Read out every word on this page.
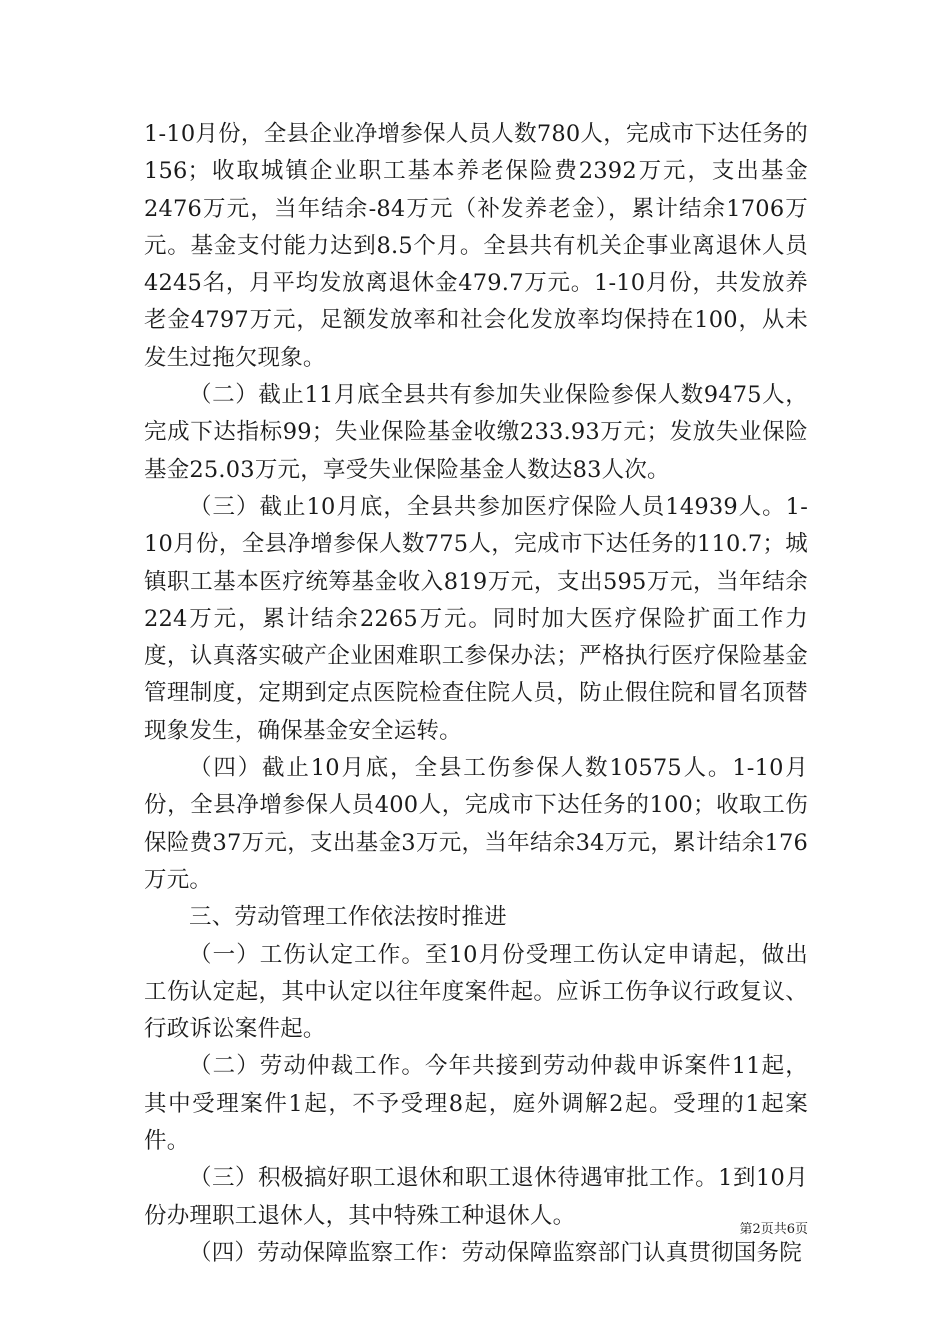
1-10月份，全县企业净增参保人员人数780人，完成市下达任务的156；收取城镇企业职工基本养老保险费2392万元，支出基金2476万元，当年结余-84万元（补发养老金），累计结余1706万元。基金支付能力达到8.5个月。全县共有机关企事业离退休人员4245名，月平均发放离退休金479.7万元。1-10月份，共发放养老金4797万元，足额发放率和社会化发放率均保持在100，从未发生过拖欠现象。

（二）截止11月底全县共有参加失业保险参保人数9475人，完成下达指标99；失业保险基金收缴233.93万元；发放失业保险基金25.03万元，享受失业保险基金人数达83人次。

（三）截止10月底，全县共参加医疗保险人员14939人。1-10月份，全县净增参保人数775人，完成市下达任务的110.7；城镇职工基本医疗统筹基金收入819万元，支出595万元，当年结余224万元，累计结余2265万元。同时加大医疗保险扩面工作力度，认真落实破产企业困难职工参保办法；严格执行医疗保险基金管理制度，定期到定点医院检查住院人员，防止假住院和冒名顶替现象发生，确保基金安全运转。

（四）截止10月底，全县工伤参保人数10575人。1-10月份，全县净增参保人员400人，完成市下达任务的100；收取工伤保险费37万元，支出基金3万元，当年结余34万元，累计结余176万元。

三、劳动管理工作依法按时推进

（一）工伤认定工作。至10月份受理工伤认定申请起，做出工伤认定起，其中认定以往年度案件起。应诉工伤争议行政复议、行政诉讼案件起。

（二）劳动仲裁工作。今年共接到劳动仲裁申诉案件11起，其中受理案件1起，不予受理8起，庭外调解2起。受理的1起案件。

（三）积极搞好职工退休和职工退休待遇审批工作。1到10月份办理职工退休人，其中特殊工种退休人。

（四）劳动保障监察工作：劳动保障监察部门认真贯彻国务院

第2页共6页
